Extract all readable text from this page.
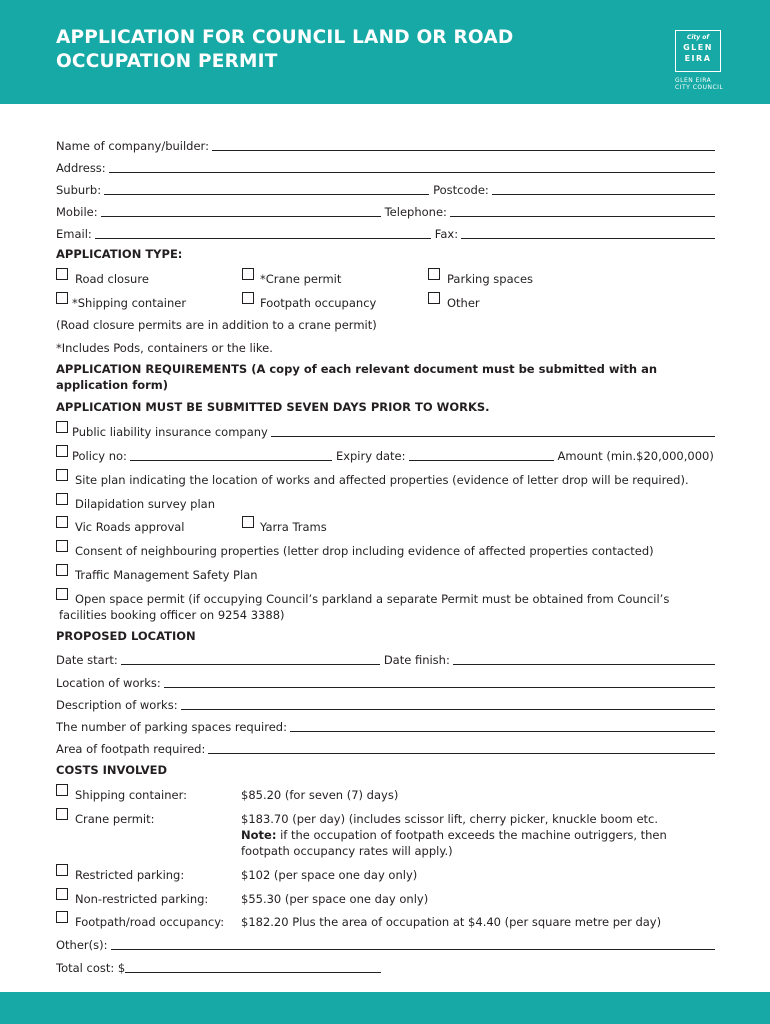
APPLICATION FOR COUNCIL LAND OR ROAD
OCCUPATION PERMIT
City of
GLEN
EIRA
GLEN EIRA
CITY COUNCIL
Name of company/builder:
Address:
Suburb:	Postcode:
Mobile:	Telephone:
Email:	Fax:
APPLICATION TYPE:
Road closure	*Crane permit	Parking spaces
*Shipping container	Footpath occupancy	Other
(Road closure permits are in addition to a crane permit)
*Includes Pods, containers or the like.
APPLICATION REQUIREMENTS (A copy of each relevant document must be submitted with an
application form)
APPLICATION MUST BE SUBMITTED SEVEN DAYS PRIOR TO WORKS.
Public liability insurance company
Policy no:	Expiry date:	Amount (min.$20,000,000)
Site plan indicating the location of works and affected properties (evidence of letter drop will be required).
Dilapidation survey plan
Vic Roads approval	Yarra Trams
Consent of neighbouring properties (letter drop including evidence of affected properties contacted)
Traffic Management Safety Plan
Open space permit (if occupying Council’s parkland a separate Permit must be obtained from Council’s
facilities booking officer on 9254 3388)
PROPOSED LOCATION
Date start:	Date finish:
Location of works:
Description of works:
The number of parking spaces required:
Area of footpath required:
COSTS INVOLVED
Shipping container:	$85.20 (for seven (7) days)
Crane permit:	$183.70 (per day) (includes scissor lift, cherry picker, knuckle boom etc.
Note: if the occupation of footpath exceeds the machine outriggers, then
footpath occupancy rates will apply.)
Restricted parking:	$102 (per space one day only)
Non-restricted parking:	$55.30 (per space one day only)
Footpath/road occupancy: $182.20 Plus the area of occupation at $4.40 (per square metre per day)
Other(s):
Total cost: $
